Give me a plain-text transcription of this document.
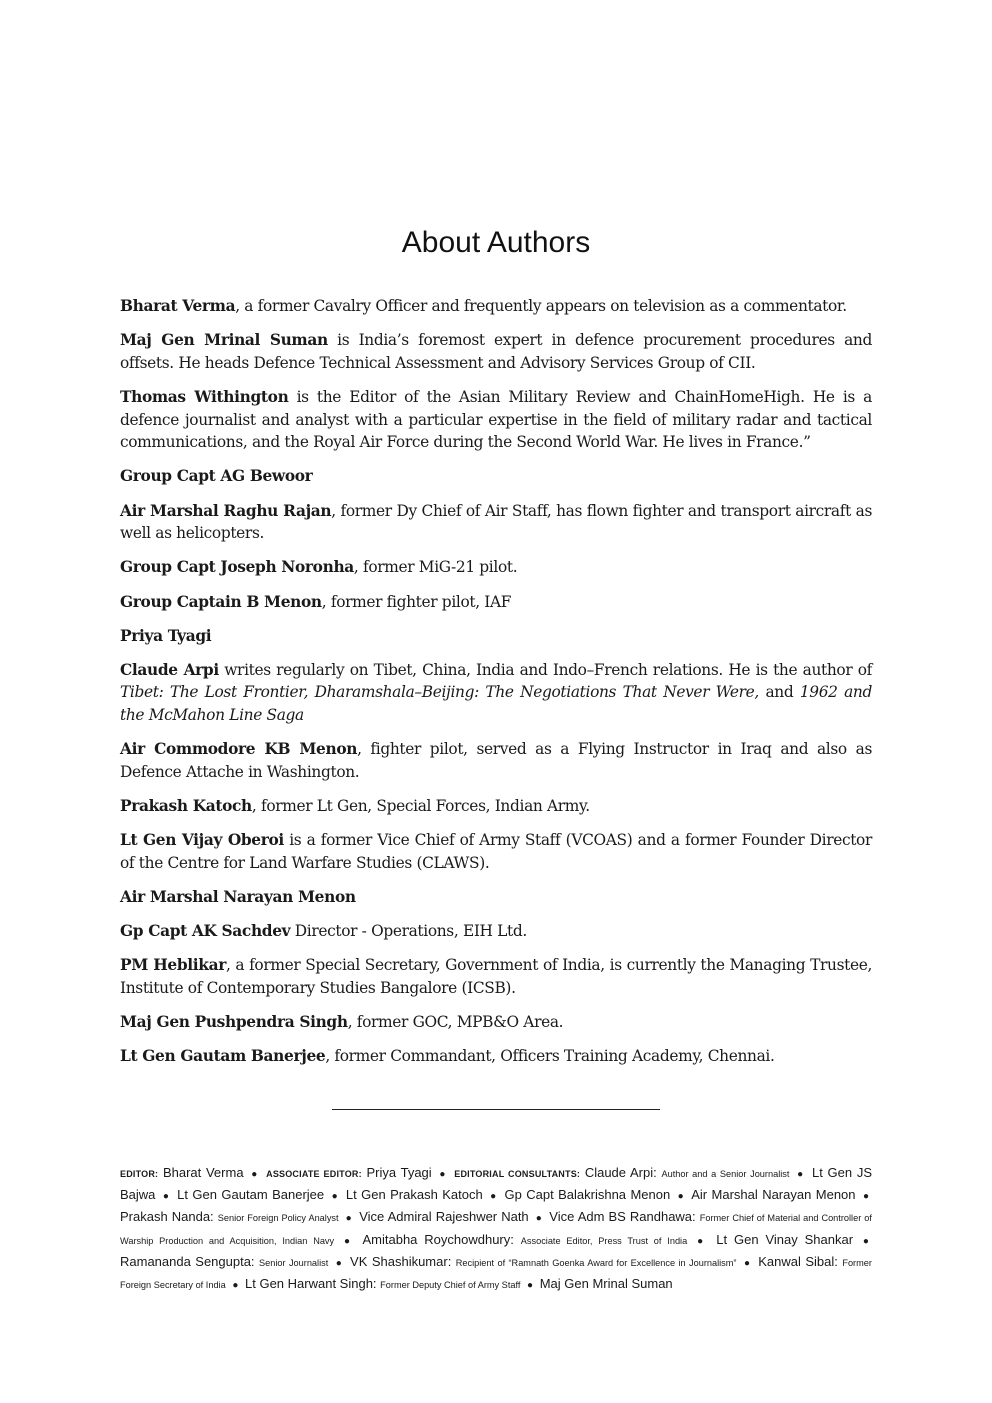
About Authors

Bharat Verma, a former Cavalry Officer and frequently appears on television as a commentator.

Maj Gen Mrinal Suman is India’s foremost expert in defence procurement procedures and offsets. He heads Defence Technical Assessment and Advisory Services Group of CII.

Thomas Withington is the Editor of the Asian Military Review and ChainHomeHigh. He is a defence journalist and analyst with a particular expertise in the field of military radar and tactical communications, and the Royal Air Force during the Second World War. He lives in France.”

Group Capt AG Bewoor

Air Marshal Raghu Rajan, former Dy Chief of Air Staff, has flown fighter and transport aircraft as well as helicopters.

Group Capt Joseph Noronha, former MiG-21 pilot.

Group Captain B Menon, former fighter pilot, IAF

Priya Tyagi

Claude Arpi writes regularly on Tibet, China, India and Indo–French relations. He is the author of Tibet: The Lost Frontier, Dharamshala–Beijing: The Negotiations That Never Were, and 1962 and the McMahon Line Saga

Air Commodore KB Menon, fighter pilot, served as a Flying Instructor in Iraq and also as Defence Attache in Washington.

Prakash Katoch, former Lt Gen, Special Forces, Indian Army.

Lt Gen Vijay Oberoi is a former Vice Chief of Army Staff (VCOAS) and a former Founder Director of the Centre for Land Warfare Studies (CLAWS).

Air Marshal Narayan Menon

Gp Capt AK Sachdev Director - Operations, EIH Ltd.

PM Heblikar, a former Special Secretary, Government of India, is currently the Managing Trustee, Institute of Contemporary Studies Bangalore (ICSB).

Maj Gen Pushpendra Singh, former GOC, MPB&O Area.

Lt Gen Gautam Banerjee, former Commandant, Officers Training Academy, Chennai.

EDITOR: Bharat Verma ● ASSOCIATE EDITOR: Priya Tyagi ● EDITORIAL CONSULTANTS: Claude Arpi: Author and a Senior Journalist ● Lt Gen JS Bajwa ● Lt Gen Gautam Banerjee ● Lt Gen Prakash Katoch ● Gp Capt Balakrishna Menon ● Air Marshal Narayan Menon ● Prakash Nanda: Senior Foreign Policy Analyst ● Vice Admiral Rajeshwer Nath ● Vice Adm BS Randhawa: Former Chief of Material and Controller of Warship Production and Acquisition, Indian Navy ● Amitabha Roychowdhury: Associate Editor, Press Trust of India ● Lt Gen Vinay Shankar ● Ramananda Sengupta: Senior Journalist ● VK Shashikumar: Recipient of “Ramnath Goenka Award for Excellence in Journalism” ● Kanwal Sibal: Former Foreign Secretary of India ● Lt Gen Harwant Singh: Former Deputy Chief of Army Staff ● Maj Gen Mrinal Suman
